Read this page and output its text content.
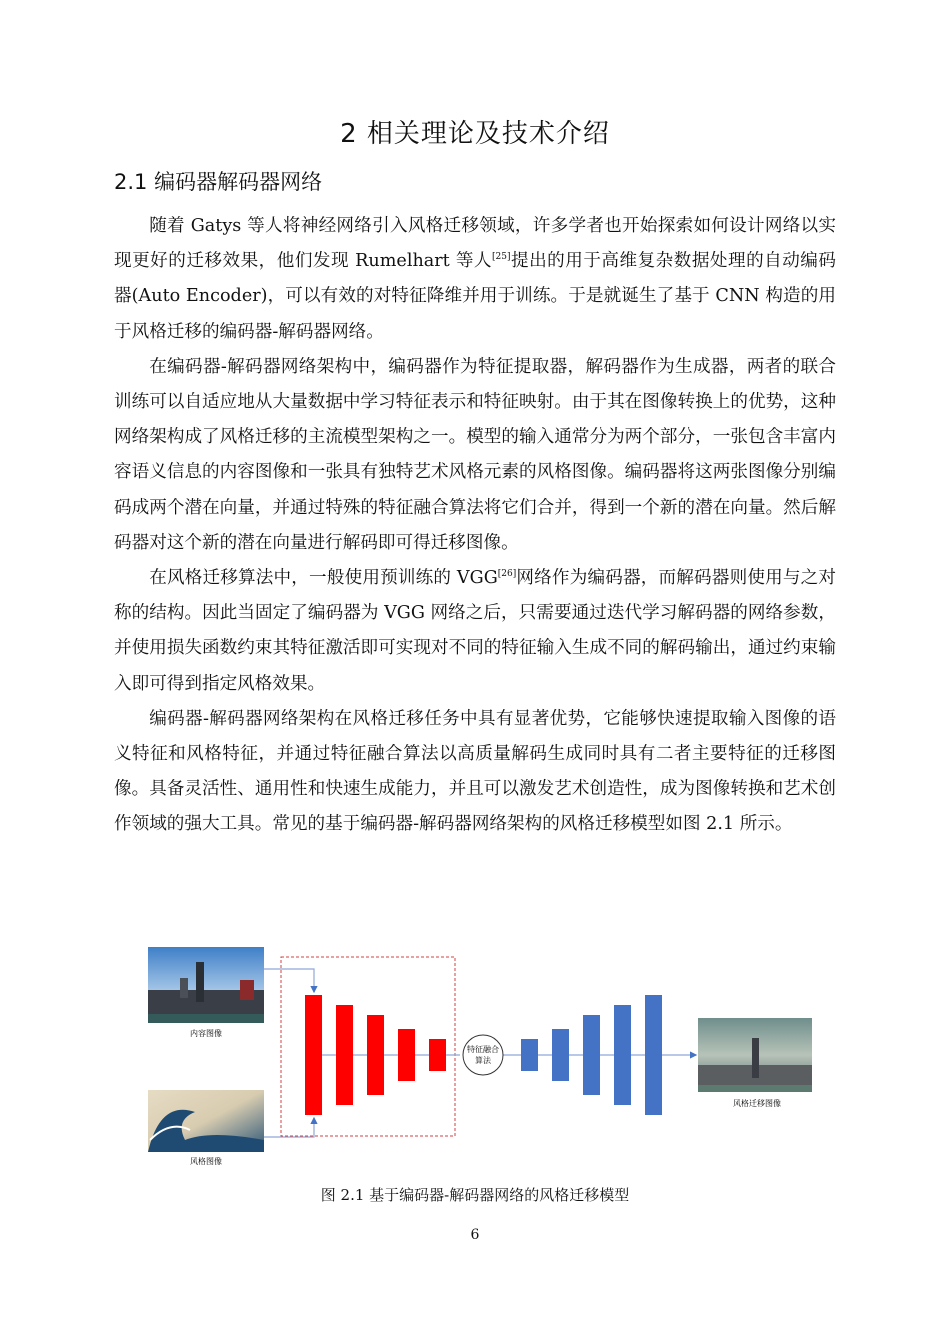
2 相关理论及技术介绍
2.1 编码器解码器网络

随着 Gatys 等人将神经网络引入风格迁移领域，许多学者也开始探索如何设计网络以实现更好的迁移效果，他们发现 Rumelhart 等人[25]提出的用于高维复杂数据处理的自动编码器(Auto Encoder)，可以有效的对特征降维并用于训练。于是就诞生了基于 CNN 构造的用于风格迁移的编码器-解码器网络。

在编码器-解码器网络架构中，编码器作为特征提取器，解码器作为生成器，两者的联合训练可以自适应地从大量数据中学习特征表示和特征映射。由于其在图像转换上的优势，这种网络架构成了风格迁移的主流模型架构之一。模型的输入通常分为两个部分，一张包含丰富内容语义信息的内容图像和一张具有独特艺术风格元素的风格图像。编码器将这两张图像分别编码成两个潜在向量，并通过特殊的特征融合算法将它们合并，得到一个新的潜在向量。然后解码器对这个新的潜在向量进行解码即可得迁移图像。

在风格迁移算法中，一般使用预训练的 VGG[26]网络作为编码器，而解码器则使用与之对称的结构。因此当固定了编码器为 VGG 网络之后，只需要通过迭代学习解码器的网络参数，并使用损失函数约束其特征激活即可实现对不同的特征输入生成不同的解码输出，通过约束输入即可得到指定风格效果。

编码器-解码器网络架构在风格迁移任务中具有显著优势，它能够快速提取输入图像的语义特征和风格特征，并通过特征融合算法以高质量解码生成同时具有二者主要特征的迁移图像。具备灵活性、通用性和快速生成能力，并且可以激发艺术创造性，成为图像转换和艺术创作领域的强大工具。常见的基于编码器-解码器网络架构的风格迁移模型如图 2.1 所示。

内容图像
风格图像
特征融合
算法
风格迁移图像
图 2.1 基于编码器-解码器网络的风格迁移模型
6
